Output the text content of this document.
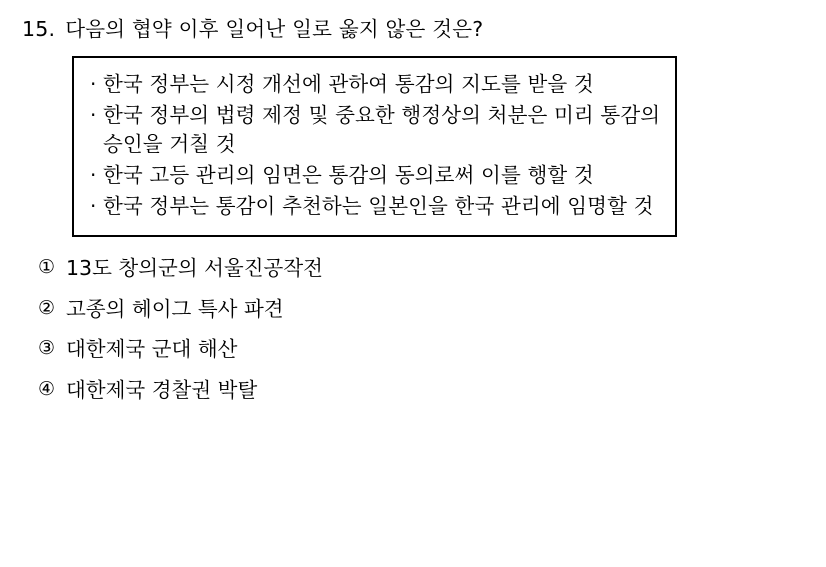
15. 다음의 협약 이후 일어난 일로 옳지 않은 것은?
· 한국 정부는 시정 개선에 관하여 통감의 지도를 받을 것
· 한국 정부의 법령 제정 및 중요한 행정상의 처분은 미리 통감의 승인을 거칠 것
· 한국 고등 관리의 임면은 통감의 동의로써 이를 행할 것
· 한국 정부는 통감이 추천하는 일본인을 한국 관리에 임명할 것
① 13도 창의군의 서울진공작전
② 고종의 헤이그 특사 파견
③ 대한제국 군대 해산
④ 대한제국 경찰권 박탈
